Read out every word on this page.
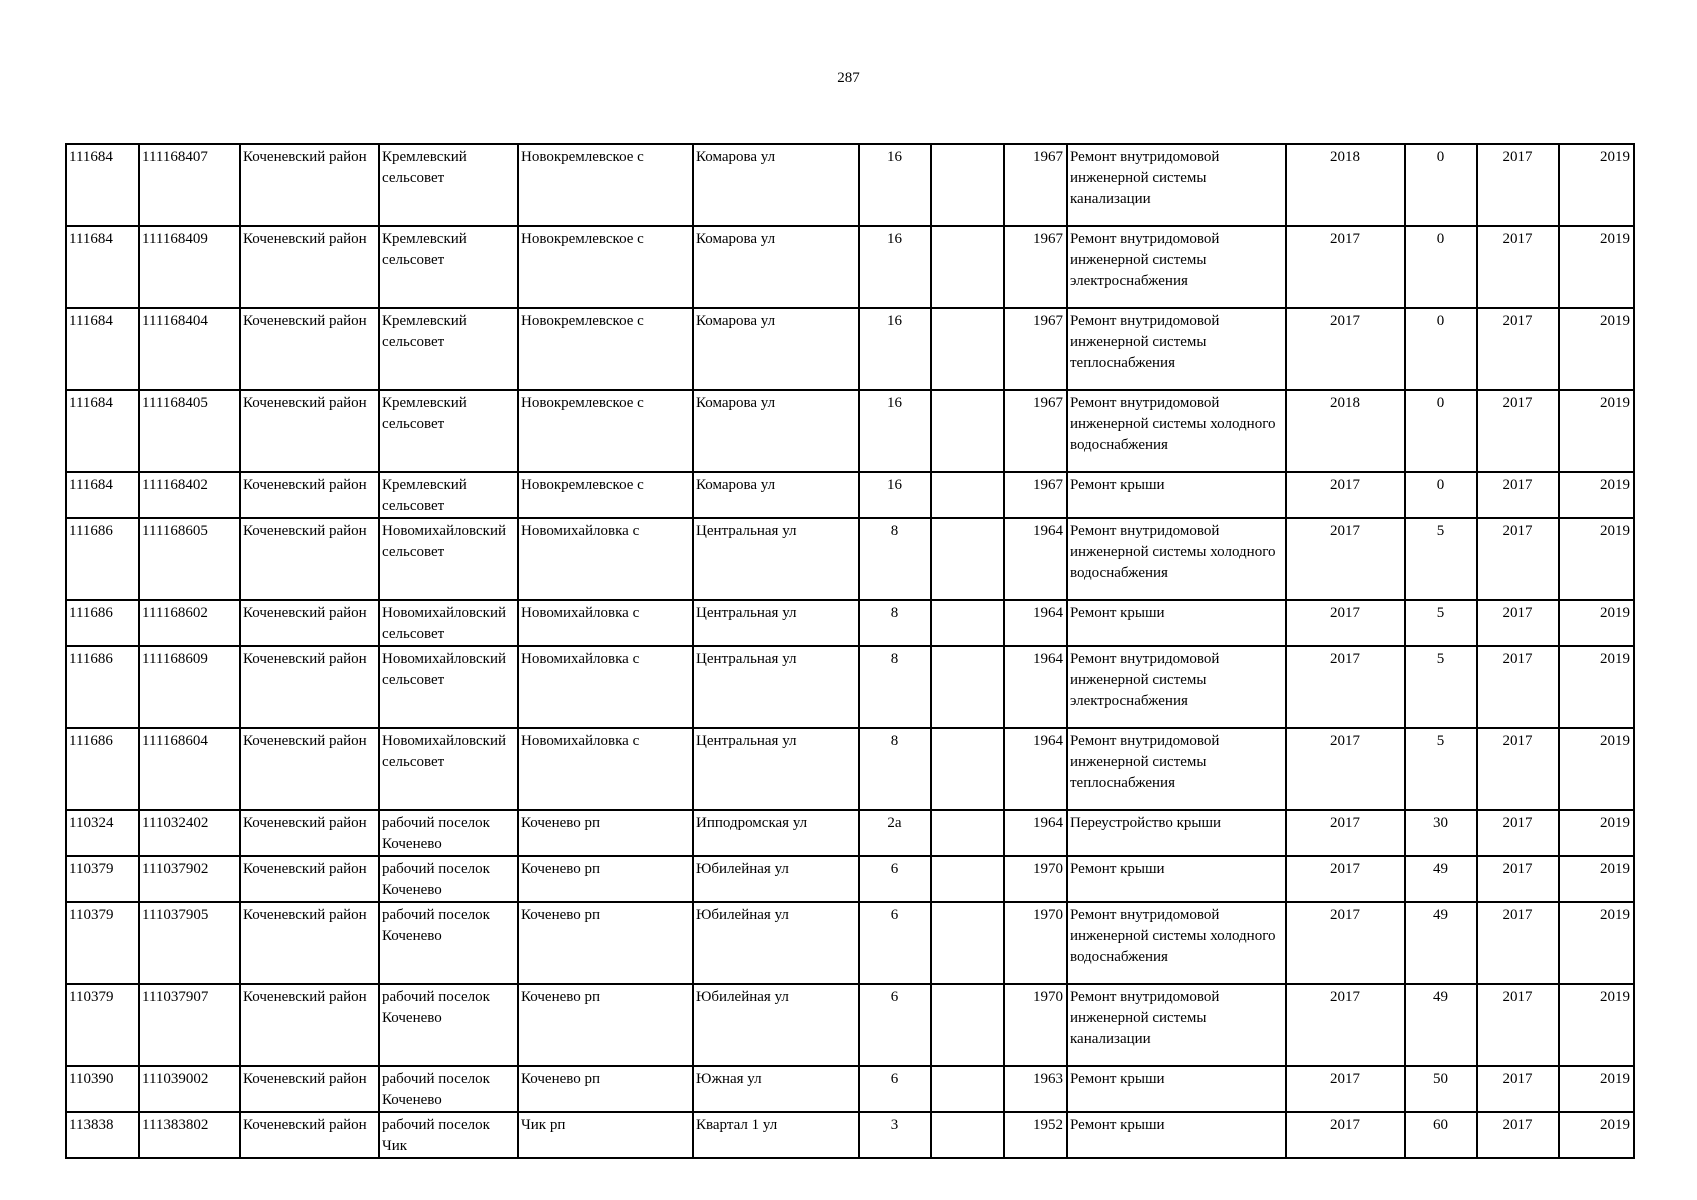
287
111684	111168407	Коченевский район	Кремлевский сельсовет	Новокремлевское с	Комарова ул	16		1967	Ремонт внутридомовой инженерной системы канализации	2018	0	2017	2019
111684	111168409	Коченевский район	Кремлевский сельсовет	Новокремлевское с	Комарова ул	16		1967	Ремонт внутридомовой инженерной системы электроснабжения	2017	0	2017	2019
111684	111168404	Коченевский район	Кремлевский сельсовет	Новокремлевское с	Комарова ул	16		1967	Ремонт внутридомовой инженерной системы теплоснабжения	2017	0	2017	2019
111684	111168405	Коченевский район	Кремлевский сельсовет	Новокремлевское с	Комарова ул	16		1967	Ремонт внутридомовой инженерной системы холодного водоснабжения	2018	0	2017	2019
111684	111168402	Коченевский район	Кремлевский сельсовет	Новокремлевское с	Комарова ул	16		1967	Ремонт крыши	2017	0	2017	2019
111686	111168605	Коченевский район	Новомихайловский сельсовет	Новомихайловка с	Центральная ул	8		1964	Ремонт внутридомовой инженерной системы холодного водоснабжения	2017	5	2017	2019
111686	111168602	Коченевский район	Новомихайловский сельсовет	Новомихайловка с	Центральная ул	8		1964	Ремонт крыши	2017	5	2017	2019
111686	111168609	Коченевский район	Новомихайловский сельсовет	Новомихайловка с	Центральная ул	8		1964	Ремонт внутридомовой инженерной системы электроснабжения	2017	5	2017	2019
111686	111168604	Коченевский район	Новомихайловский сельсовет	Новомихайловка с	Центральная ул	8		1964	Ремонт внутридомовой инженерной системы теплоснабжения	2017	5	2017	2019
110324	111032402	Коченевский район	рабочий поселок Коченево	Коченево рп	Ипподромская ул	2а		1964	Переустройство крыши	2017	30	2017	2019
110379	111037902	Коченевский район	рабочий поселок Коченево	Коченево рп	Юбилейная ул	6		1970	Ремонт крыши	2017	49	2017	2019
110379	111037905	Коченевский район	рабочий поселок Коченево	Коченево рп	Юбилейная ул	6		1970	Ремонт внутридомовой инженерной системы холодного водоснабжения	2017	49	2017	2019
110379	111037907	Коченевский район	рабочий поселок Коченево	Коченево рп	Юбилейная ул	6		1970	Ремонт внутридомовой инженерной системы канализации	2017	49	2017	2019
110390	111039002	Коченевский район	рабочий поселок Коченево	Коченево рп	Южная ул	6		1963	Ремонт крыши	2017	50	2017	2019
113838	111383802	Коченевский район	рабочий поселок Чик	Чик рп	Квартал 1 ул	3		1952	Ремонт крыши	2017	60	2017	2019
